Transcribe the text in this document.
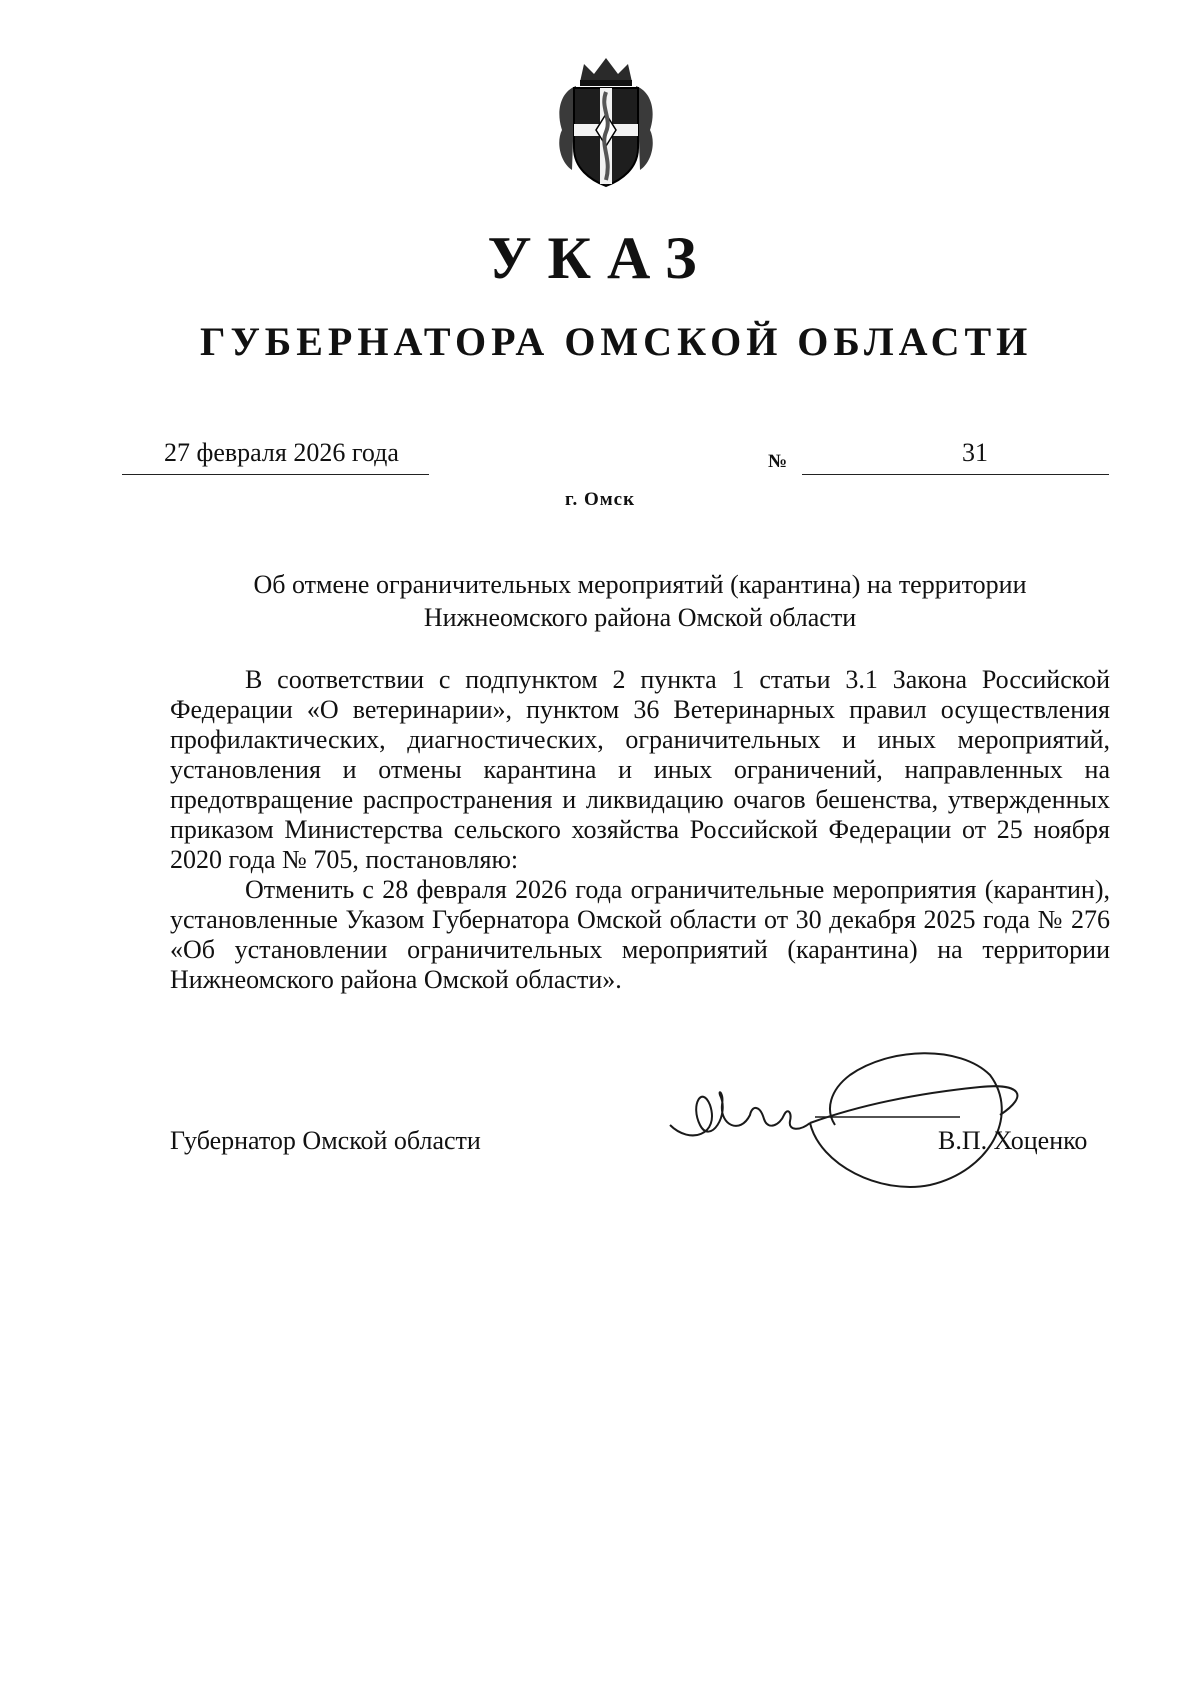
УКАЗ
ГУБЕРНАТОРА ОМСКОЙ ОБЛАСТИ
27 февраля 2026 года	№	31
г. Омск
Об отмене ограничительных мероприятий (карантина) на территории
Нижнеомского района Омской области

В соответствии с подпунктом 2 пункта 1 статьи 3.1 Закона Российской Федерации «О ветеринарии», пунктом 36 Ветеринарных правил осуществления профилактических, диагностических, ограничительных и иных мероприятий, установления и отмены карантина и иных ограничений, направленных на предотвращение распространения и ликвидацию очагов бешенства, утвержденных приказом Министерства сельского хозяйства Российской Федерации от 25 ноября 2020 года № 705, постановляю:

Отменить с 28 февраля 2026 года ограничительные мероприятия (карантин), установленные Указом Губернатора Омской области от 30 декабря 2025 года № 276 «Об установлении ограничительных мероприятий (карантина) на территории Нижнеомского района Омской области».

Губернатор Омской области	В.П. Хоценко
